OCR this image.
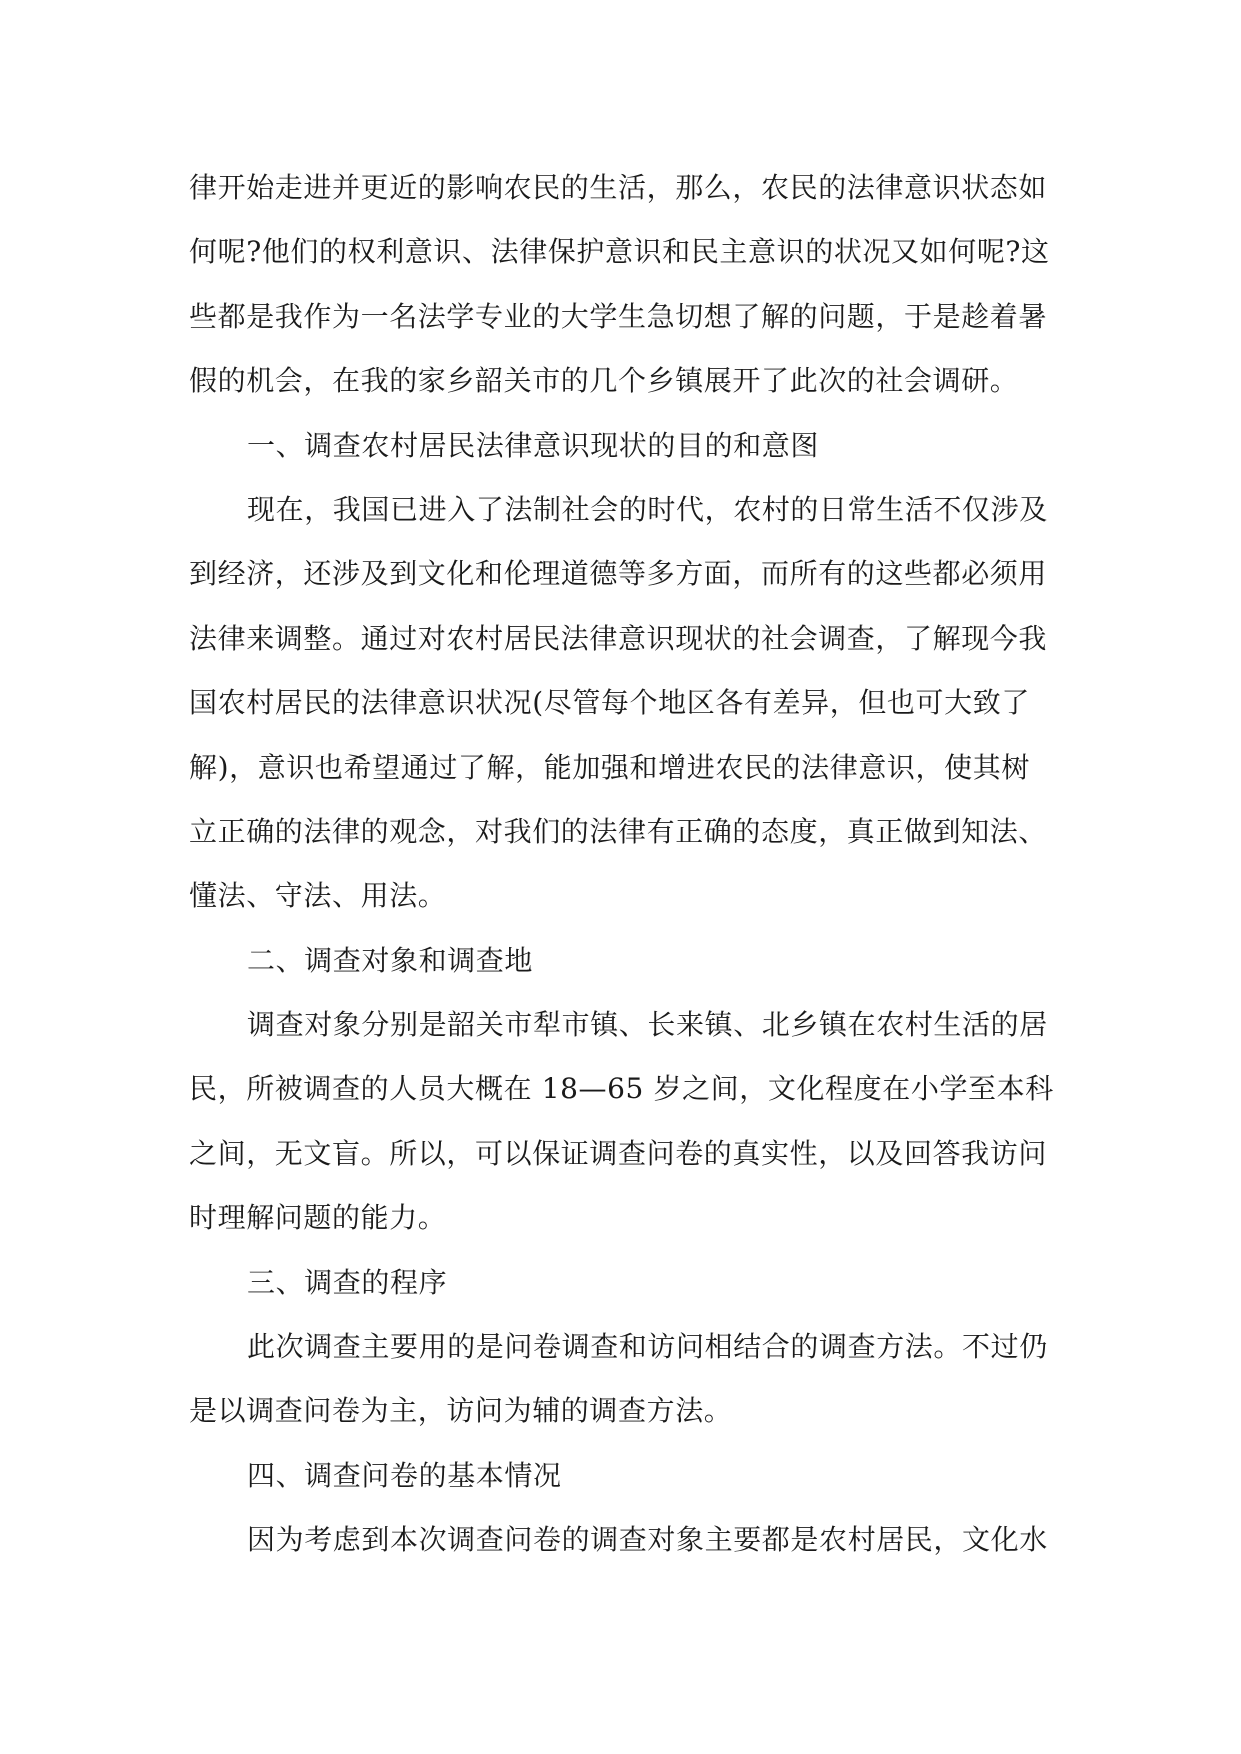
律开始走进并更近的影响农民的生活，那么，农民的法律意识状态如
何呢?他们的权利意识、法律保护意识和民主意识的状况又如何呢?这
些都是我作为一名法学专业的大学生急切想了解的问题，于是趁着暑
假的机会，在我的家乡韶关市的几个乡镇展开了此次的社会调研。
一、调查农村居民法律意识现状的目的和意图
现在，我国已进入了法制社会的时代，农村的日常生活不仅涉及
到经济，还涉及到文化和伦理道德等多方面，而所有的这些都必须用
法律来调整。通过对农村居民法律意识现状的社会调查，了解现今我
国农村居民的法律意识状况(尽管每个地区各有差异，但也可大致了
解)，意识也希望通过了解，能加强和增进农民的法律意识，使其树
立正确的法律的观念，对我们的法律有正确的态度，真正做到知法、
懂法、守法、用法。
二、调查对象和调查地
调查对象分别是韶关市犁市镇、长来镇、北乡镇在农村生活的居
民，所被调查的人员大概在 18—65 岁之间，文化程度在小学至本科
之间，无文盲。所以，可以保证调查问卷的真实性，以及回答我访问
时理解问题的能力。
三、调查的程序
此次调查主要用的是问卷调查和访问相结合的调查方法。不过仍
是以调查问卷为主，访问为辅的调查方法。
四、调查问卷的基本情况
因为考虑到本次调查问卷的调查对象主要都是农村居民，文化水
